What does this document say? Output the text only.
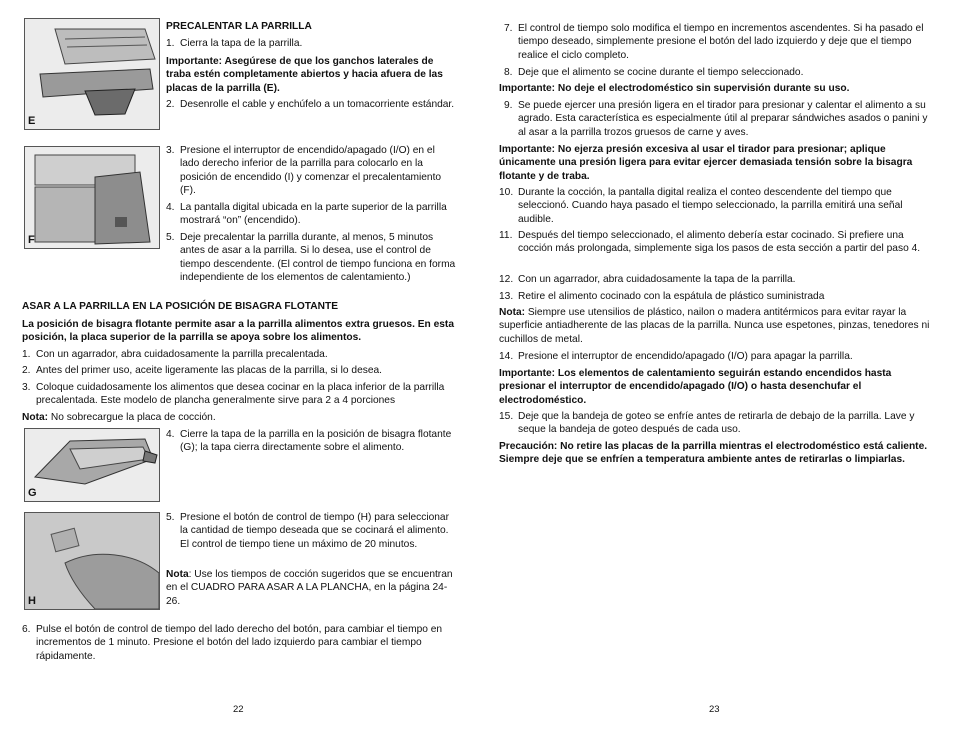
E
PRECALENTAR LA PARRILLA
1. Cierra la tapa de la parrilla.
Importante: Asegúrese de que los ganchos laterales de traba estén completamente abiertos y hacia afuera de las placas de la parrilla (E).
2. Desenrolle el cable y enchúfelo a un tomacorriente estándar.
F
3. Presione el interruptor de encendido/apagado (I/O) en el lado derecho inferior de la parrilla para colocarlo en la posición de encendido (I) y comenzar el precalentamiento (F).
4. La pantalla digital ubicada en la parte superior de la parrilla mostrará “on” (encendido).
5. Deje precalentar la parrilla durante, al menos, 5 minutos antes de asar a la parrilla. Si lo desea, use el control de tiempo descendente. (El control de tiempo funciona en forma independiente de los elementos de calentamiento.)
ASAR A LA PARRILLA EN LA POSICIÓN DE BISAGRA FLOTANTE
La posición de bisagra flotante permite asar a la parrilla alimentos extra gruesos. En esta posición, la placa superior de la parrilla se apoya sobre los alimentos.
1. Con un agarrador, abra cuidadosamente la parrilla precalentada.
2. Antes del primer uso, aceite ligeramente las placas de la parrilla, si lo desea.
3. Coloque cuidadosamente los alimentos que desea cocinar en la placa inferior de la parrilla precalentada. Este modelo de plancha generalmente sirve para 2 a 4 porciones
Nota: No sobrecargue la placa de cocción.
G
4. Cierre la tapa de la parrilla en la posición de bisagra flotante (G); la tapa cierra directamente sobre el alimento.
H
5. Presione el botón de control de tiempo (H) para seleccionar la cantidad de tiempo deseada que se cocinará el alimento. El control de tiempo tiene un máximo de 20 minutos.
Nota: Use los tiempos de cocción sugeridos que se encuentran en el CUADRO PARA ASAR A LA PLANCHA, en la página 24-26.
6. Pulse el botón de control de tiempo del lado derecho del botón, para cambiar el tiempo en incrementos de 1 minuto. Presione el botón del lado izquierdo para cambiar el tiempo rápidamente.
22
7. El control de tiempo solo modifica el tiempo en incrementos ascendentes. Si ha pasado el tiempo deseado, simplemente presione el botón del lado izquierdo y deje que el tiempo realice el ciclo completo.
8. Deje que el alimento se cocine durante el tiempo seleccionado.
Importante: No deje el electrodoméstico sin supervisión durante su uso.
9. Se puede ejercer una presión ligera en el tirador para presionar y calentar el alimento a su agrado. Esta característica es especialmente útil al preparar sándwiches asados o panini y al asar a la parrilla trozos gruesos de carne y aves.
Importante: No ejerza presión excesiva al usar el tirador para presionar; aplique únicamente una presión ligera para evitar ejercer demasiada tensión sobre la bisagra flotante y de traba.
10. Durante la cocción, la pantalla digital realiza el conteo descendente del tiempo que seleccionó. Cuando haya pasado el tiempo seleccionado, la parrilla emitirá una señal audible.
11. Después del tiempo seleccionado, el alimento debería estar cocinado. Si prefiere una cocción más prolongada, simplemente siga los pasos de esta sección a partir del paso 4.
12. Con un agarrador, abra cuidadosamente la tapa de la parrilla.
13. Retire el alimento cocinado con la espátula de plástico suministrada
Nota: Siempre use utensilios de plástico, nailon o madera antitérmicos para evitar rayar la superficie antiadherente de las placas de la parrilla. Nunca use espetones, pinzas, tenedores ni cuchillos de metal.
14. Presione el interruptor de encendido/apagado (I/O) para apagar la parrilla.
Importante: Los elementos de calentamiento seguirán estando encendidos hasta presionar el interruptor de encendido/apagado (I/O) o hasta desenchufar el electrodoméstico.
15. Deje que la bandeja de goteo se enfríe antes de retirarla de debajo de la parrilla. Lave y seque la bandeja de goteo después de cada uso.
Precaución: No retire las placas de la parrilla mientras el electrodoméstico está caliente. Siempre deje que se enfríen a temperatura ambiente antes de retirarlas o limpiarlas.
23
